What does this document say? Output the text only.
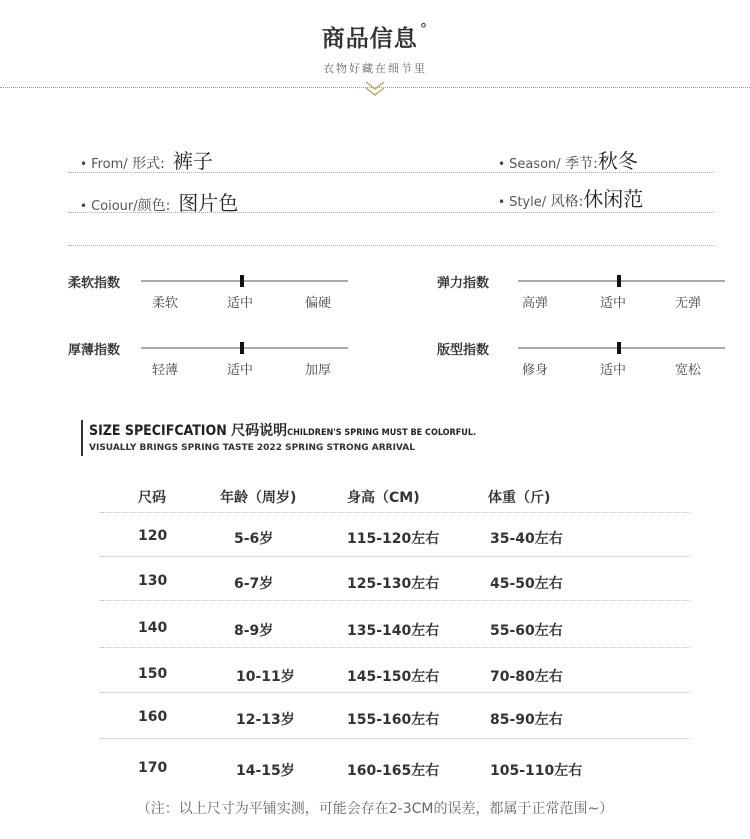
商品信息 °
衣物好藏在细节里
• From/ 形式: 裤子	• Season/ 季节:秋冬
• Coiour/颜色: 图片色	• Style/ 风格:休闲范
柔软指数
柔软	适中	偏硬
弹力指数
高弹	适中	无弹
厚薄指数
轻薄	适中	加厚
版型指数
修身	适中	宽松
SIZE SPECIFCATION 尺码说明CHILDREN'S SPRING MUST BE COLORFUL.
VISUALLY BRINGS SPRING TASTE 2022 SPRING STRONG ARRIVAL
尺码	年龄（周岁)	身高（CM)	体重（斤)
120	5-6岁	115-120左右	35-40左右
130	6-7岁	125-130左右	45-50左右
140	8-9岁	135-140左右	55-60左右
150	10-11岁	145-150左右	70-80左右
160	12-13岁	155-160左右	85-90左右
170	14-15岁	160-165左右	105-110左右
（注：以上尺寸为平铺实测，可能会存在2-3CM的误差，都属于正常范围~）
